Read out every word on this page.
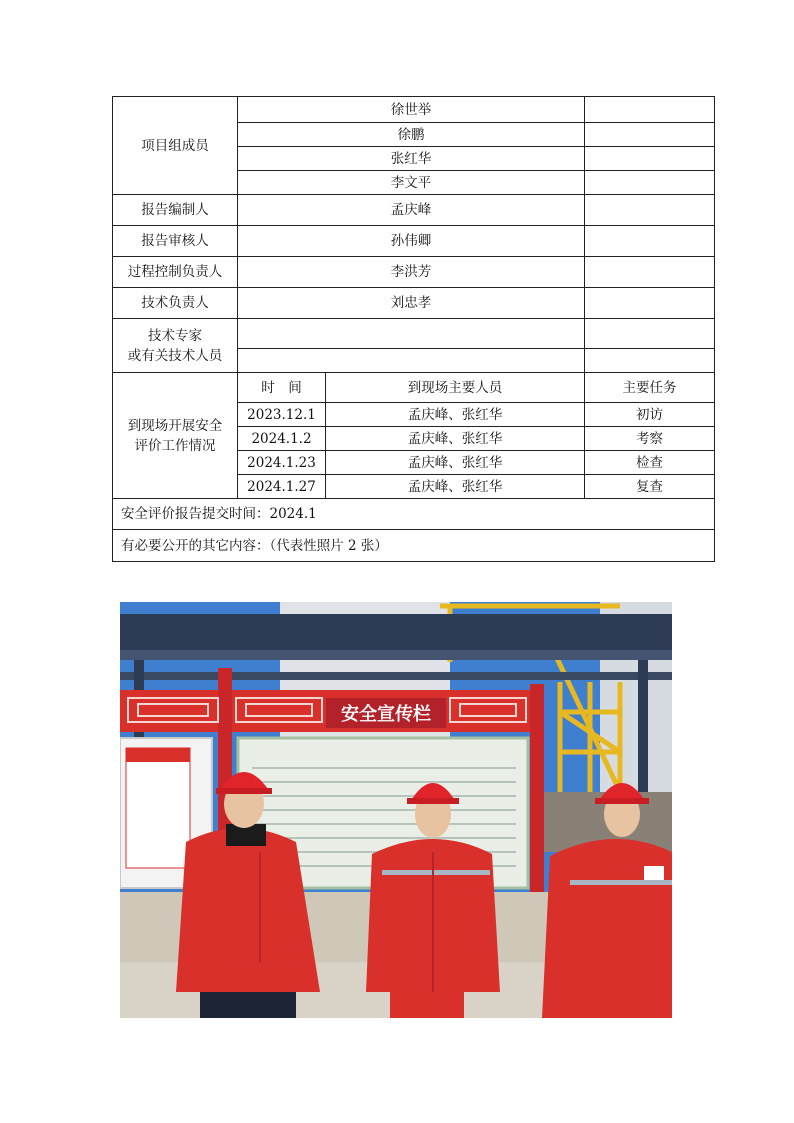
项目组成员	徐世举		
	徐鹏		
	张红华		
	李文平		
报告编制人	孟庆峰		
报告审核人	孙伟卿		
过程控制负责人	李洪芳		
技术负责人	刘忠孝		

技术专家
或有关技术人员			

到现场开展安全
评价工作情况	时　间	到现场主要人员	主要任务
	2023.12.1	孟庆峰、张红华	初访
	2024.1.2	孟庆峰、张红华	考察
	2024.1.23	孟庆峰、张红华	检查
	2024.1.27	孟庆峰、张红华	复查
安全评价报告提交时间：2024.1			
有必要公开的其它内容：（代表性照片 2 张）			
安全宣传栏
